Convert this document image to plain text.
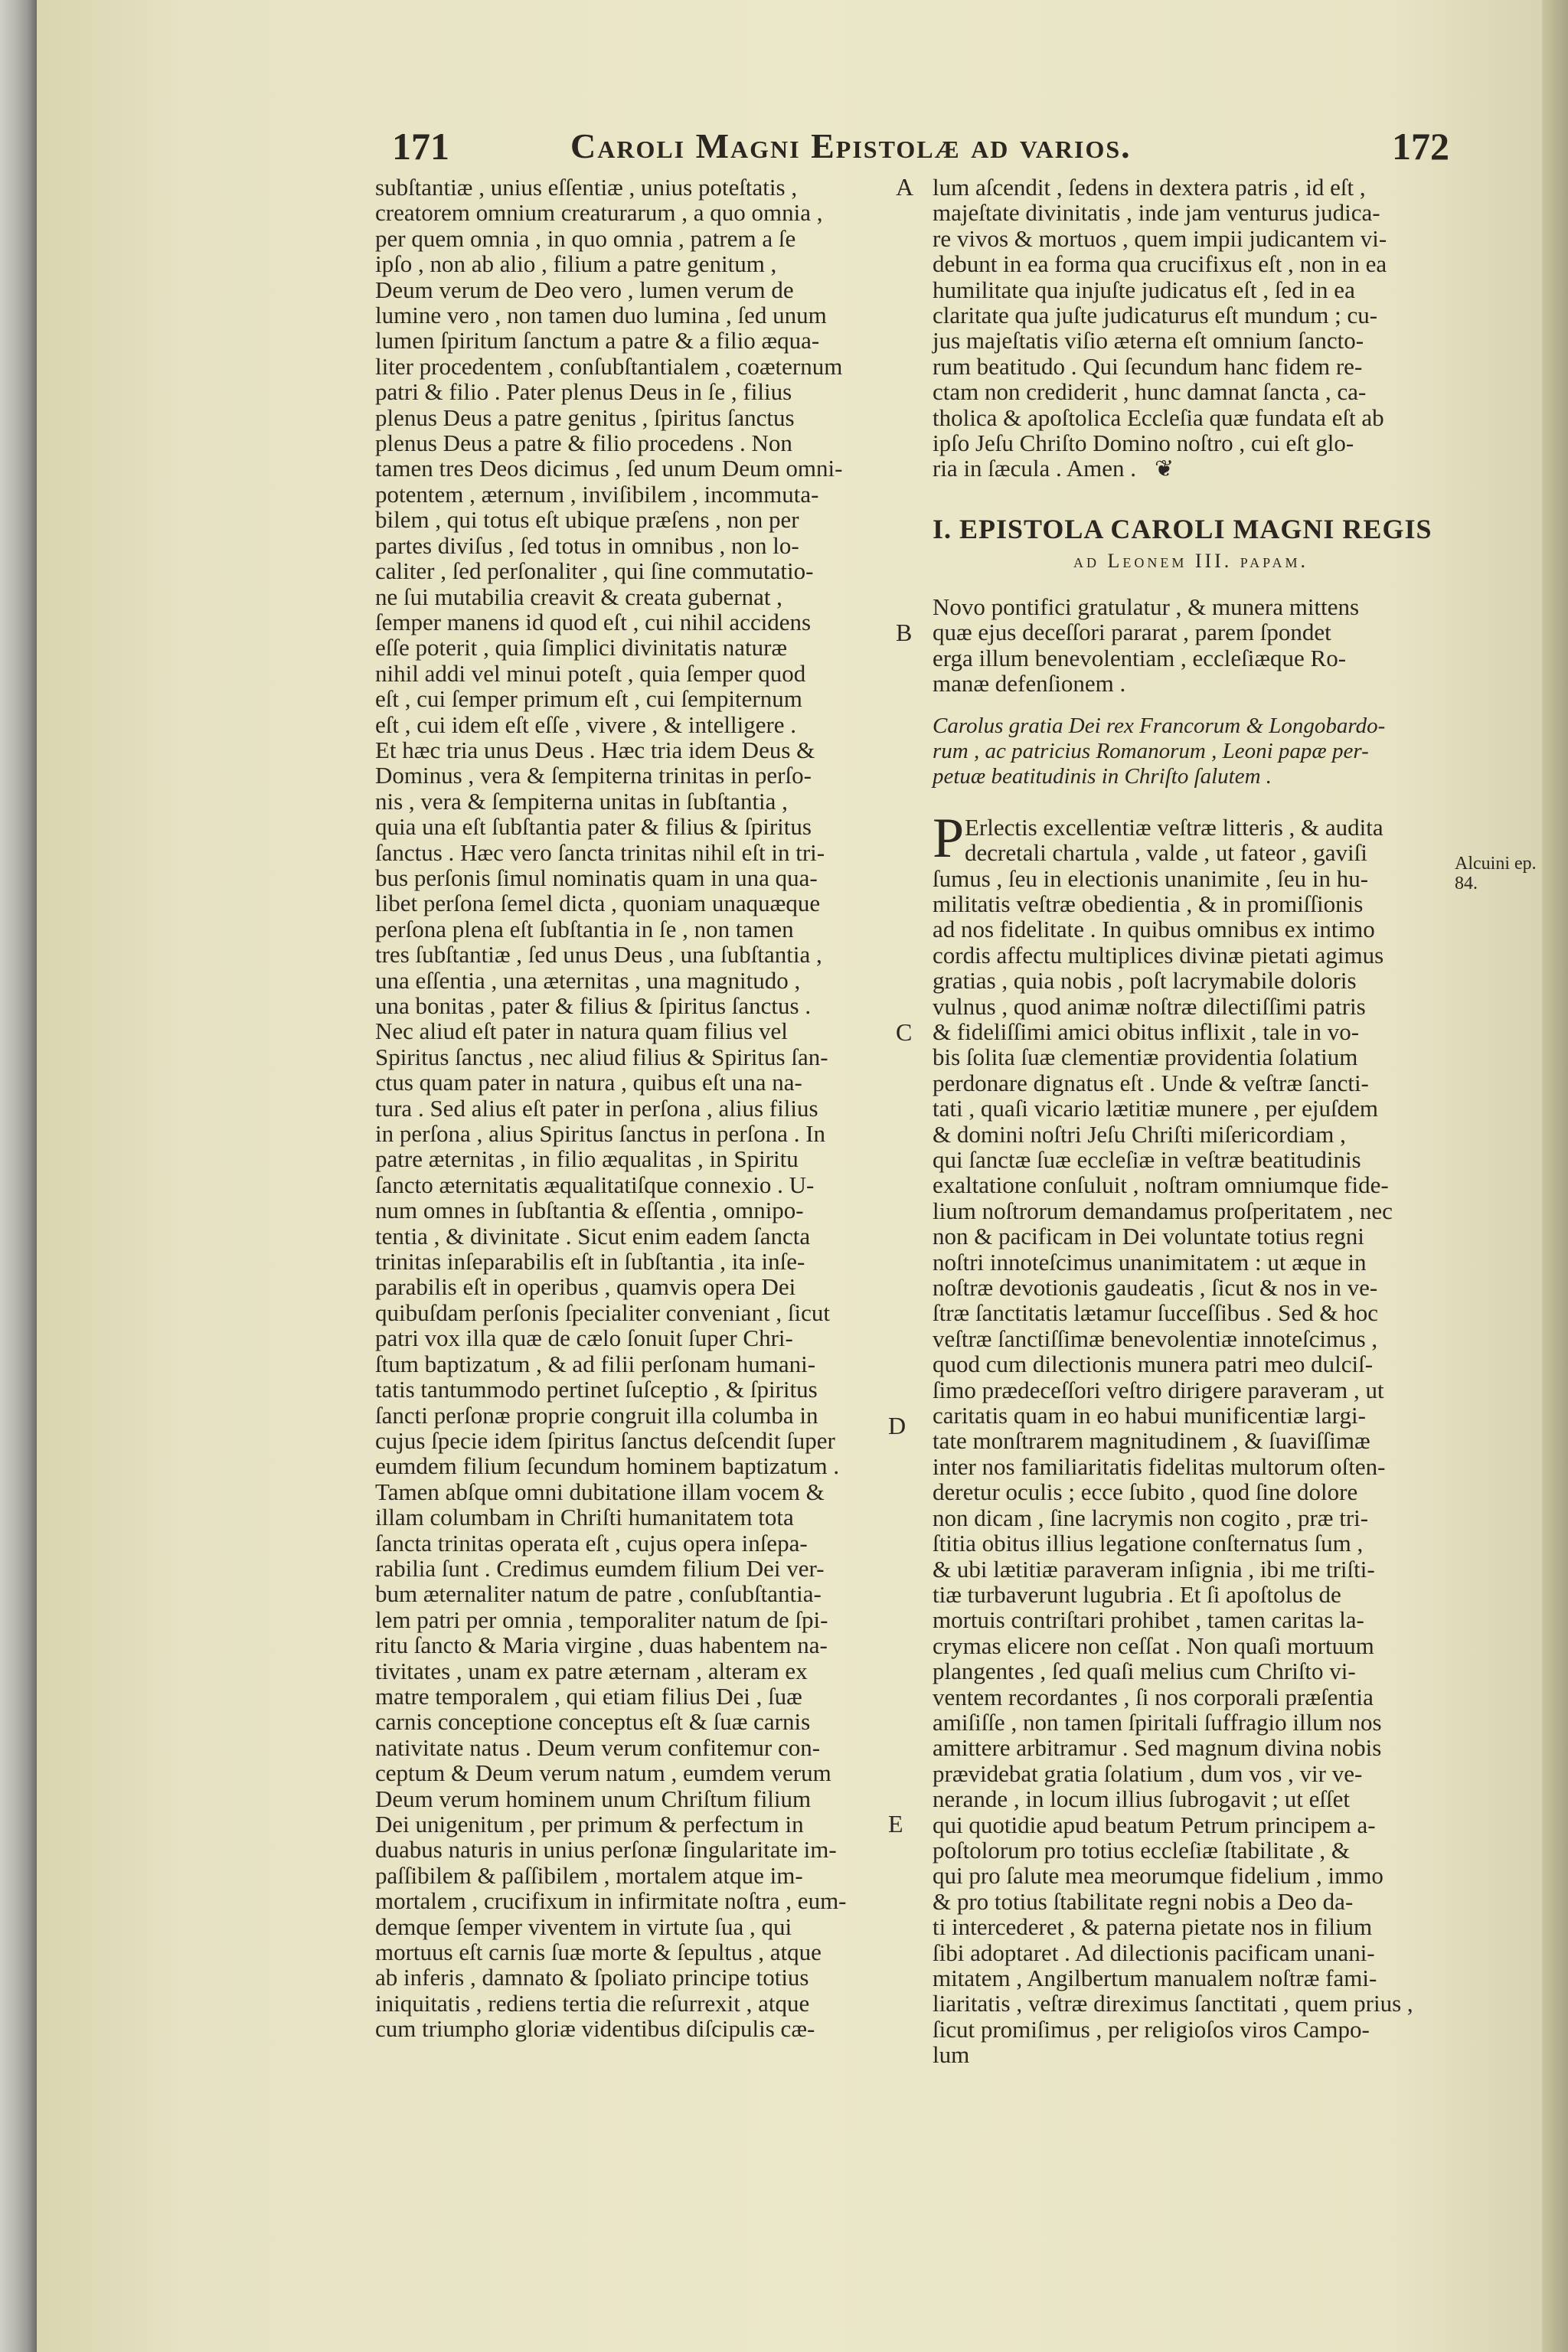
171	Caroli Magni Epistolæ ad varios.	172
subſtantiæ , unius eſſentiæ , unius poteſtatis ,
creatorem omnium creaturarum , a quo omnia ,
per quem omnia , in quo omnia , patrem a ſe
ipſo , non ab alio , filium a patre genitum ,
Deum verum de Deo vero , lumen verum de
lumine vero , non tamen duo lumina , ſed unum
lumen ſpiritum ſanctum a patre & a filio æqua-
liter procedentem , conſubſtantialem , coæternum
patri & filio . Pater plenus Deus in ſe , filius
plenus Deus a patre genitus , ſpiritus ſanctus
plenus Deus a patre & filio procedens . Non
tamen tres Deos dicimus , ſed unum Deum omni-
potentem , æternum , inviſibilem , incommuta-
bilem , qui totus eſt ubique præſens , non per
partes diviſus , ſed totus in omnibus , non lo-
caliter , ſed perſonaliter , qui ſine commutatio-
ne ſui mutabilia creavit & creata gubernat ,
ſemper manens id quod eſt , cui nihil accidens
eſſe poterit , quia ſimplici divinitatis naturæ
nihil addi vel minui poteſt , quia ſemper quod
eſt , cui ſemper primum eſt , cui ſempiternum
eſt , cui idem eſt eſſe , vivere , & intelligere .
Et hæc tria unus Deus . Hæc tria idem Deus &
Dominus , vera & ſempiterna trinitas in perſo-
nis , vera & ſempiterna unitas in ſubſtantia ,
quia una eſt ſubſtantia pater & filius & ſpiritus
ſanctus . Hæc vero ſancta trinitas nihil eſt in tri-
bus perſonis ſimul nominatis quam in una qua-
libet perſona ſemel dicta , quoniam unaquæque
perſona plena eſt ſubſtantia in ſe , non tamen
tres ſubſtantiæ , ſed unus Deus , una ſubſtantia ,
una eſſentia , una æternitas , una magnitudo ,
una bonitas , pater & filius & ſpiritus ſanctus .
Nec aliud eſt pater in natura quam filius vel
Spiritus ſanctus , nec aliud filius & Spiritus ſan-
ctus quam pater in natura , quibus eſt una na-
tura . Sed alius eſt pater in perſona , alius filius
in perſona , alius Spiritus ſanctus in perſona . In
patre æternitas , in filio æqualitas , in Spiritu
ſancto æternitatis æqualitatiſque connexio . U-
num omnes in ſubſtantia & eſſentia , omnipo-
tentia , & divinitate . Sicut enim eadem ſancta
trinitas inſeparabilis eſt in ſubſtantia , ita inſe-
parabilis eſt in operibus , quamvis opera Dei
quibuſdam perſonis ſpecialiter conveniant , ſicut
patri vox illa quæ de cælo ſonuit ſuper Chri-
ſtum baptizatum , & ad filii perſonam humani-
tatis tantummodo pertinet ſuſceptio , & ſpiritus
ſancti perſonæ proprie congruit illa columba in
cujus ſpecie idem ſpiritus ſanctus deſcendit ſuper
eumdem filium ſecundum hominem baptizatum .
Tamen abſque omni dubitatione illam vocem &
illam columbam in Chriſti humanitatem tota
ſancta trinitas operata eſt , cujus opera inſepa-
rabilia ſunt . Credimus eumdem filium Dei ver-
bum æternaliter natum de patre , conſubſtantia-
lem patri per omnia , temporaliter natum de ſpi-
ritu ſancto & Maria virgine , duas habentem na-
tivitates , unam ex patre æternam , alteram ex
matre temporalem , qui etiam filius Dei , ſuæ
carnis conceptione conceptus eſt & ſuæ carnis
nativitate natus . Deum verum confitemur con-
ceptum & Deum verum natum , eumdem verum
Deum verum hominem unum Chriſtum filium
Dei unigenitum , per primum & perfectum in
duabus naturis in unius perſonæ ſingularitate im-
paſſibilem & paſſibilem , mortalem atque im-
mortalem , crucifixum in infirmitate noſtra , eum-
demque ſemper viventem in virtute ſua , qui
mortuus eſt carnis ſuæ morte & ſepultus , atque
ab inferis , damnato & ſpoliato principe totius
iniquitatis , rediens tertia die reſurrexit , atque
cum triumpho gloriæ videntibus diſcipulis cæ-
A
B
C
D
E
lum aſcendit , ſedens in dextera patris , id eſt ,
majeſtate divinitatis , inde jam venturus judica-
re vivos & mortuos , quem impii judicantem vi-
debunt in ea forma qua crucifixus eſt , non in ea
humilitate qua injuſte judicatus eſt , ſed in ea
claritate qua juſte judicaturus eſt mundum ; cu-
jus majeſtatis viſio æterna eſt omnium ſancto-
rum beatitudo . Qui ſecundum hanc fidem re-
ctam non crediderit , hunc damnat ſancta , ca-
tholica & apoſtolica Eccleſia quæ fundata eſt ab
ipſo Jeſu Chriſto Domino noſtro , cui eſt glo-
ria in ſæcula . Amen . ❦
I. EPISTOLA CAROLI MAGNI REGIS
ad Leonem III. papam.
Novo pontifici gratulatur , & munera mittens
quæ ejus deceſſori pararat , parem ſpondet
erga illum benevolentiam , eccleſiæque Ro-
manæ defenſionem .
Carolus gratia Dei rex Francorum & Longobardo-
rum , ac patricius Romanorum , Leoni papæ per-
petuæ beatitudinis in Chriſto ſalutem .
P Erlectis excellentiæ veſtræ litteris , & audita
decretali chartula , valde , ut fateor , gaviſi
ſumus , ſeu in electionis unanimite , ſeu in hu-
militatis veſtræ obedientia , & in promiſſionis
ad nos fidelitate . In quibus omnibus ex intimo
cordis affectu multiplices divinæ pietati agimus
gratias , quia nobis , poſt lacrymabile doloris
vulnus , quod animæ noſtræ dilectiſſimi patris
& fideliſſimi amici obitus inflixit , tale in vo-
bis ſolita ſuæ clementiæ providentia ſolatium
perdonare dignatus eſt . Unde & veſtræ ſancti-
tati , quaſi vicario lætitiæ munere , per ejuſdem
& domini noſtri Jeſu Chriſti miſericordiam ,
qui ſanctæ ſuæ eccleſiæ in veſtræ beatitudinis
exaltatione conſuluit , noſtram omniumque fide-
lium noſtrorum demandamus proſperitatem , nec
non & pacificam in Dei voluntate totius regni
noſtri innoteſcimus unanimitatem : ut æque in
noſtræ devotionis gaudeatis , ſicut & nos in ve-
ſtræ ſanctitatis lætamur ſucceſſibus . Sed & hoc
veſtræ ſanctiſſimæ benevolentiæ innoteſcimus ,
quod cum dilectionis munera patri meo dulciſ-
ſimo prædeceſſori veſtro dirigere paraveram , ut
caritatis quam in eo habui munificentiæ largi-
tate monſtrarem magnitudinem , & ſuaviſſimæ
inter nos familiaritatis fidelitas multorum oſten-
deretur oculis ; ecce ſubito , quod ſine dolore
non dicam , ſine lacrymis non cogito , præ tri-
ſtitia obitus illius legatione conſternatus ſum ,
& ubi lætitiæ paraveram inſignia , ibi me triſti-
tiæ turbaverunt lugubria . Et ſi apoſtolus de
mortuis contriſtari prohibet , tamen caritas la-
crymas elicere non ceſſat . Non quaſi mortuum
plangentes , ſed quaſi melius cum Chriſto vi-
ventem recordantes , ſi nos corporali præſentia
amiſiſſe , non tamen ſpiritali ſuffragio illum nos
amittere arbitramur . Sed magnum divina nobis
prævidebat gratia ſolatium , dum vos , vir ve-
nerande , in locum illius ſubrogavit ; ut eſſet
qui quotidie apud beatum Petrum principem a-
poſtolorum pro totius eccleſiæ ſtabilitate , &
qui pro ſalute mea meorumque fidelium , immo
& pro totius ſtabilitate regni nobis a Deo da-
ti intercederet , & paterna pietate nos in filium
ſibi adoptaret . Ad dilectionis pacificam unani-
mitatem , Angilbertum manualem noſtræ fami-
liaritatis , veſtræ direximus ſanctitati , quem prius ,
ſicut promiſimus , per religioſos viros Campo-
lum
Alcuini ep.
84.
